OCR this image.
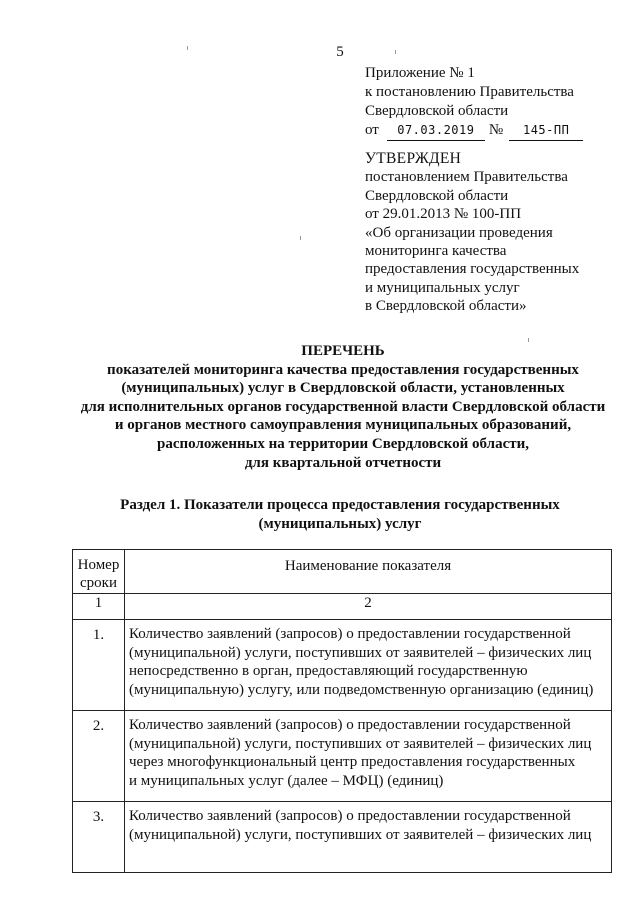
5
Приложение № 1
к постановлению Правительства
Свердловской области
от 07.03.2019 № 145-ПП
УТВЕРЖДЕН
постановлением Правительства
Свердловской области
от 29.01.2013 № 100-ПП
«Об организации проведения
мониторинга качества
предоставления государственных
и муниципальных услуг
в Свердловской области»
ПЕРЕЧЕНЬ
показателей мониторинга качества предоставления государственных
(муниципальных) услуг в Свердловской области, установленных
для исполнительных органов государственной власти Свердловской области
и органов местного самоуправления муниципальных образований,
расположенных на территории Свердловской области,
для квартальной отчетности
Раздел 1. Показатели процесса предоставления государственных
(муниципальных) услуг
Номер
сроки	Наименование показателя
1	2
1.	Количество заявлений (запросов) о предоставлении государственной
(муниципальной) услуги, поступивших от заявителей – физических лиц
непосредственно в орган, предоставляющий государственную
(муниципальную) услугу, или подведомственную организацию (единиц)

2.	Количество заявлений (запросов) о предоставлении государственной
(муниципальной) услуги, поступивших от заявителей – физических лиц
через многофункциональный центр предоставления государственных
и муниципальных услуг (далее – МФЦ) (единиц)

3.	Количество заявлений (запросов) о предоставлении государственной
(муниципальной) услуги, поступивших от заявителей – физических лиц
